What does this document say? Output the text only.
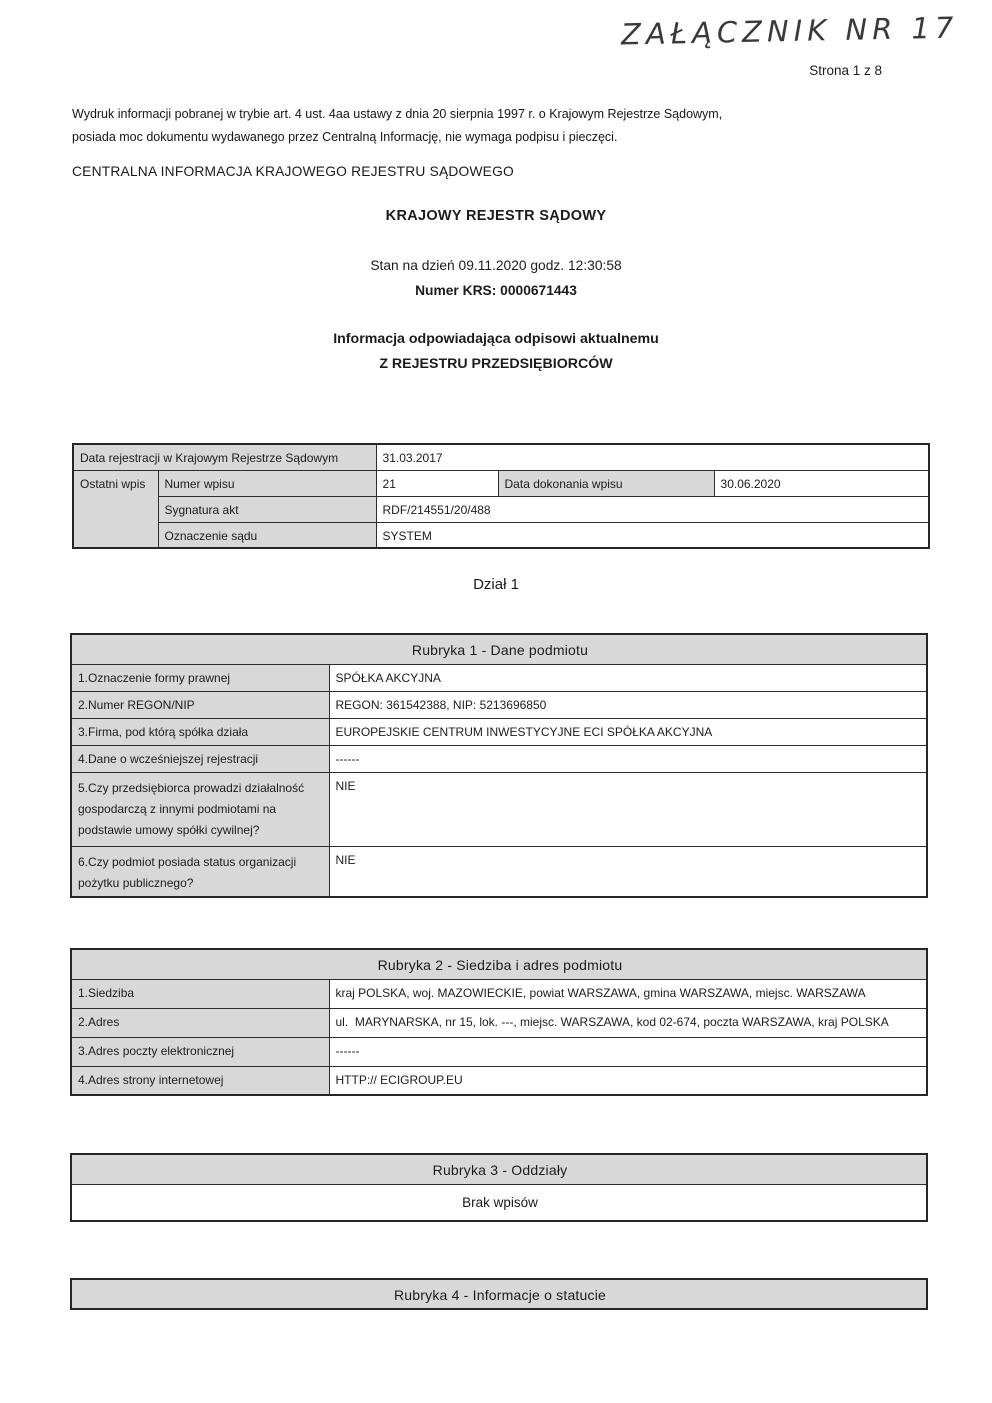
ZAŁĄCZNIK NR 17
Strona 1 z 8

Wydruk informacji pobranej w trybie art. 4 ust. 4aa ustawy z dnia 20 sierpnia 1997 r. o Krajowym Rejestrze Sądowym, posiada moc dokumentu wydawanego przez Centralną Informację, nie wymaga podpisu i pieczęci.

CENTRALNA INFORMACJA KRAJOWEGO REJESTRU SĄDOWEGO
KRAJOWY REJESTR SĄDOWY
Stan na dzień 09.11.2020 godz. 12:30:58
Numer KRS: 0000671443
Informacja odpowiadająca odpisowi aktualnemu
Z REJESTRU PRZEDSIĘBIORCÓW
Data rejestracji w Krajowym Rejestrze Sądowym		31.03.2017		
Ostatni wpis	Numer wpisu	21	Data dokonania wpisu	30.06.2020
	Sygnatura akt	RDF/214551/20/488		
	Oznaczenie sądu	SYSTEM		
Dział 1
Rubryka 1 - Dane podmiotu	
1.Oznaczenie formy prawnej	SPÓŁKA AKCYJNA
2.Numer REGON/NIP	REGON: 361542388, NIP: 5213696850
3.Firma, pod którą spółka działa	EUROPEJSKIE CENTRUM INWESTYCYJNE ECI SPÓŁKA AKCYJNA
4.Dane o wcześniejszej rejestracji	------
5.Czy przedsiębiorca prowadzi działalność gospodarczą z innymi podmiotami na podstawie umowy spółki cywilnej?	NIE
6.Czy podmiot posiada status organizacji pożytku publicznego?	NIE
Rubryka 2 - Siedziba i adres podmiotu	
1.Siedziba	kraj POLSKA, woj. MAZOWIECKIE, powiat WARSZAWA, gmina WARSZAWA, miejsc. WARSZAWA
2.Adres	ul.  MARYNARSKA, nr 15, lok. ---, miejsc. WARSZAWA, kod 02-674, poczta WARSZAWA, kraj POLSKA
3.Adres poczty elektronicznej	------
4.Adres strony internetowej	HTTP:// ECIGROUP.EU
Rubryka 3 - Oddziały
Brak wpisów
Rubryka 4 - Informacje o statucie
